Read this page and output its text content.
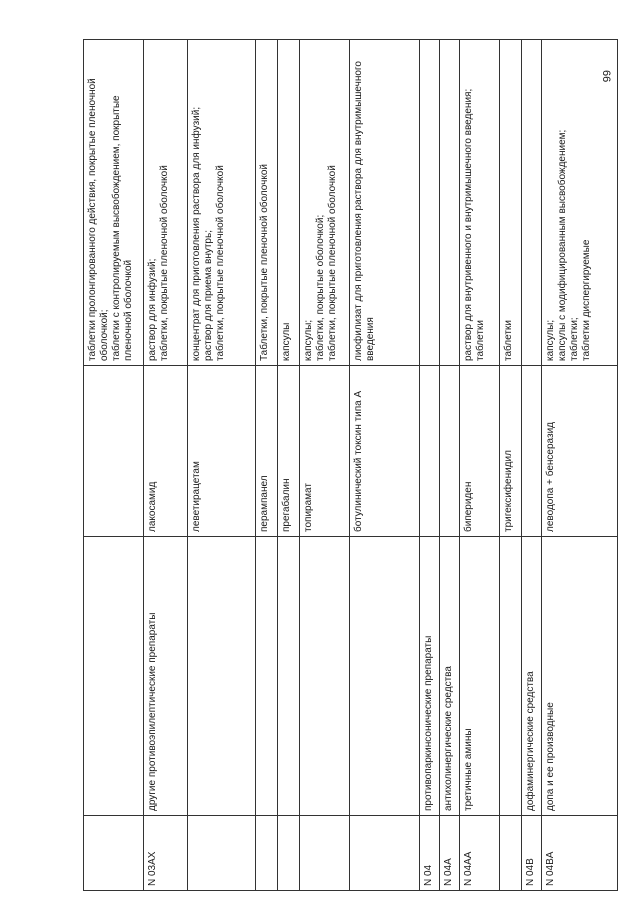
66

			таблетки пролонгированного действия, покрытые пленочной оболочкой; таблетки с контролируемым высвобождением, покрытые пленочной оболочкой

N 03AX	другие противоэпилептические препараты	лакосамид	раствор для инфузий; таблетки, покрытые пленочной оболочкой

		леветирацетам	концентрат для приготовления раствора для инфузий; раствор для приема внутрь; таблетки, покрытые пленочной оболочкой

		перампанел	Таблетки, покрытые пленочной оболочкой

		прегабалин	капсулы

		топирамат	капсулы; таблетки, покрытые оболочкой; таблетки, покрытые пленочной оболочкой

		ботулинический токсин типа А	лиофилизат для приготовления раствора для внутримышечного введения

N 04	противопаркинсонические препараты		
N 04A	антихолинергические средства		
N 04AA	третичные амины	бипериден	раствор для внутривенного и внутримышечного введения; таблетки

		тригексифенидил	таблетки

N 04B	дофаминергические средства		
N 04BA	допа и ее производные	леводопа + бенсеразид	капсулы; капсулы с модифицированным высвобождением; таблетки; таблетки диспергируемые
